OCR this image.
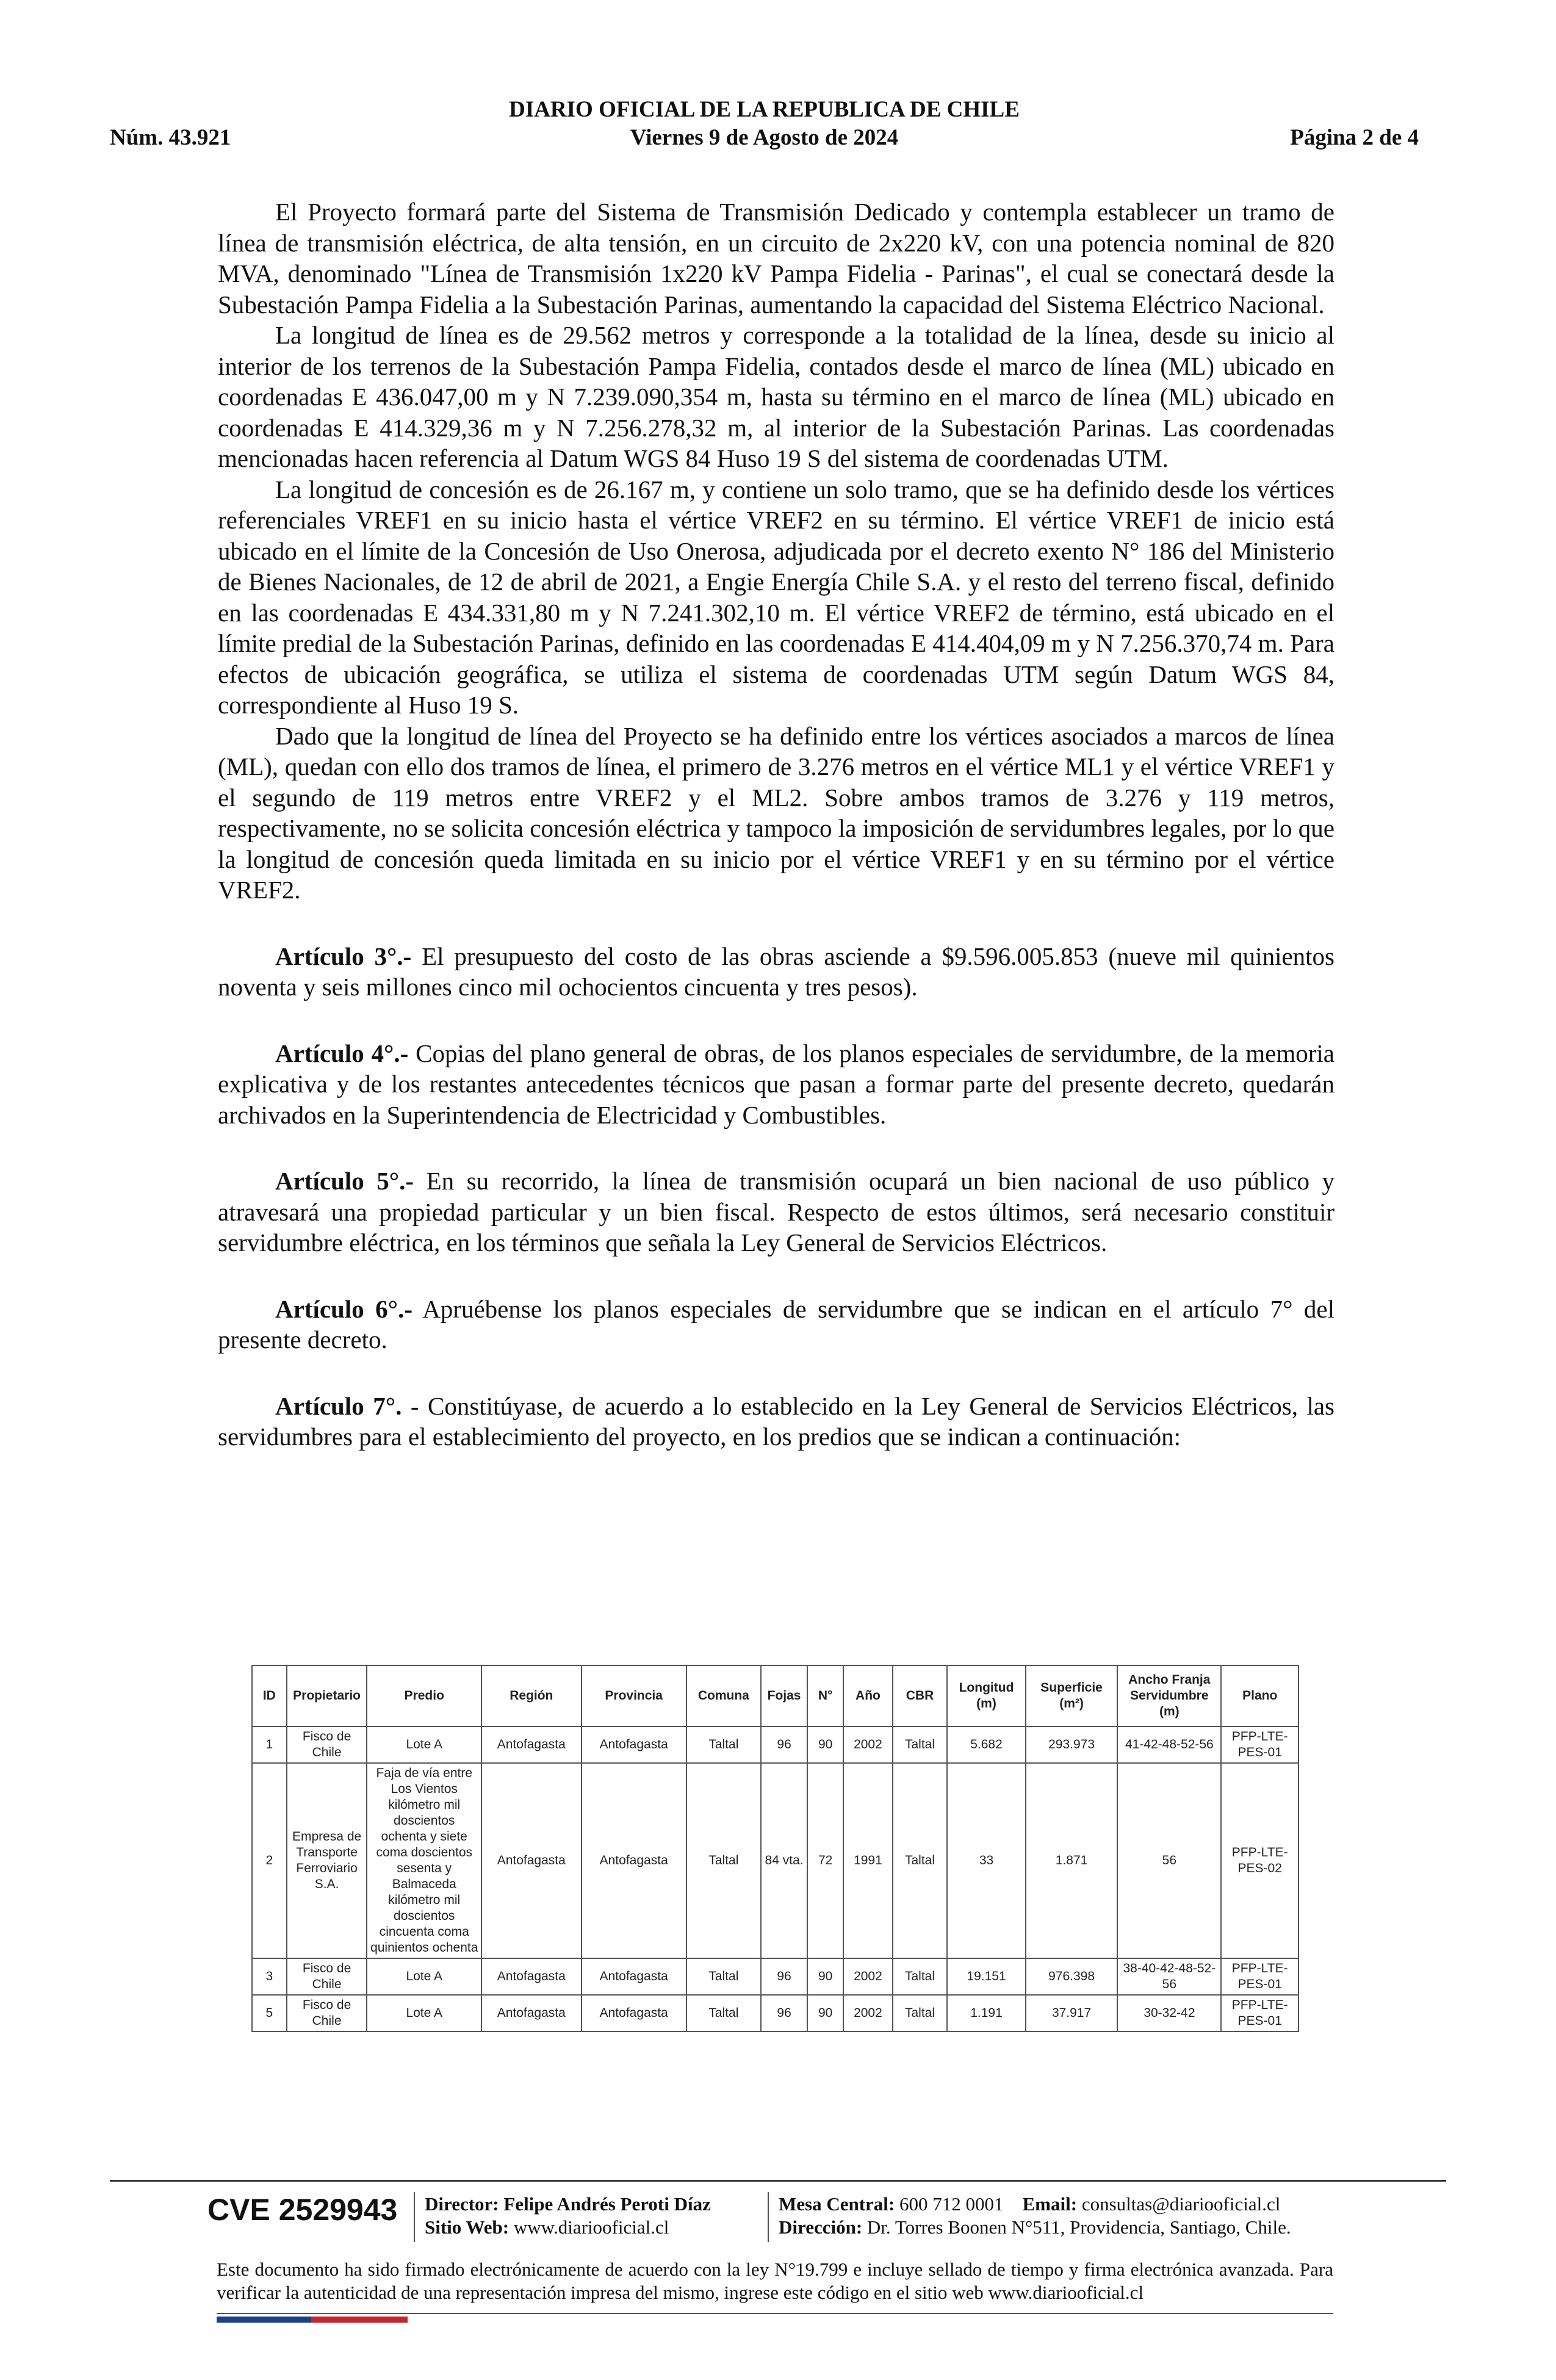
DIARIO OFICIAL DE LA REPUBLICA DE CHILE
Núm. 43.921	Viernes 9 de Agosto de 2024	Página 2 de 4

El Proyecto formará parte del Sistema de Transmisión Dedicado y contempla establecer un tramo de línea de transmisión eléctrica, de alta tensión, en un circuito de 2x220 kV, con una potencia nominal de 820 MVA, denominado "Línea de Transmisión 1x220 kV Pampa Fidelia - Parinas", el cual se conectará desde la Subestación Pampa Fidelia a la Subestación Parinas, aumentando la capacidad del Sistema Eléctrico Nacional.

La longitud de línea es de 29.562 metros y corresponde a la totalidad de la línea, desde su inicio al interior de los terrenos de la Subestación Pampa Fidelia, contados desde el marco de línea (ML) ubicado en coordenadas E 436.047,00 m y N 7.239.090,354 m, hasta su término en el marco de línea (ML) ubicado en coordenadas E 414.329,36 m y N 7.256.278,32 m, al interior de la Subestación Parinas. Las coordenadas mencionadas hacen referencia al Datum WGS 84 Huso 19 S del sistema de coordenadas UTM.

La longitud de concesión es de 26.167 m, y contiene un solo tramo, que se ha definido desde los vértices referenciales VREF1 en su inicio hasta el vértice VREF2 en su término. El vértice VREF1 de inicio está ubicado en el límite de la Concesión de Uso Onerosa, adjudicada por el decreto exento N° 186 del Ministerio de Bienes Nacionales, de 12 de abril de 2021, a Engie Energía Chile S.A. y el resto del terreno fiscal, definido en las coordenadas E 434.331,80 m y N 7.241.302,10 m. El vértice VREF2 de término, está ubicado en el límite predial de la Subestación Parinas, definido en las coordenadas E 414.404,09 m y N 7.256.370,74 m. Para efectos de ubicación geográfica, se utiliza el sistema de coordenadas UTM según Datum WGS 84, correspondiente al Huso 19 S.

Dado que la longitud de línea del Proyecto se ha definido entre los vértices asociados a marcos de línea (ML), quedan con ello dos tramos de línea, el primero de 3.276 metros en el vértice ML1 y el vértice VREF1 y el segundo de 119 metros entre VREF2 y el ML2. Sobre ambos tramos de 3.276 y 119 metros, respectivamente, no se solicita concesión eléctrica y tampoco la imposición de servidumbres legales, por lo que la longitud de concesión queda limitada en su inicio por el vértice VREF1 y en su término por el vértice VREF2.

Artículo 3°.- El presupuesto del costo de las obras asciende a $9.596.005.853 (nueve mil quinientos noventa y seis millones cinco mil ochocientos cincuenta y tres pesos).

Artículo 4°.- Copias del plano general de obras, de los planos especiales de servidumbre, de la memoria explicativa y de los restantes antecedentes técnicos que pasan a formar parte del presente decreto, quedarán archivados en la Superintendencia de Electricidad y Combustibles.

Artículo 5°.- En su recorrido, la línea de transmisión ocupará un bien nacional de uso público y atravesará una propiedad particular y un bien fiscal. Respecto de estos últimos, será necesario constituir servidumbre eléctrica, en los términos que señala la Ley General de Servicios Eléctricos.

Artículo 6°.- Apruébense los planos especiales de servidumbre que se indican en el artículo 7° del presente decreto.

Artículo 7°. - Constitúyase, de acuerdo a lo establecido en la Ley General de Servicios Eléctricos, las servidumbres para el establecimiento del proyecto, en los predios que se indican a continuación:

ID	Propietario	Predio	Región	Provincia	Comuna	Fojas	N°	Año	CBR	Longitud (m)	Superficie (m²)	Ancho Franja Servidumbre (m)	Plano
1	Fisco de Chile	Lote A	Antofagasta	Antofagasta	Taltal	96	90	2002	Taltal	5.682	293.973	41-42-48-52-56	PFP-LTE-PES-01
2	Empresa de Transporte Ferroviario S.A.	Faja de vía entre Los Vientos kilómetro mil doscientos ochenta y siete coma doscientos sesenta y Balmaceda kilómetro mil doscientos cincuenta coma quinientos ochenta	Antofagasta	Antofagasta	Taltal	84 vta.	72	1991	Taltal	33	1.871	56	PFP-LTE-PES-02
3	Fisco de Chile	Lote A	Antofagasta	Antofagasta	Taltal	96	90	2002	Taltal	19.151	976.398	38-40-42-48-52-56	PFP-LTE-PES-01
5	Fisco de Chile	Lote A	Antofagasta	Antofagasta	Taltal	96	90	2002	Taltal	1.191	37.917	30-32-42	PFP-LTE-PES-01
CVE 2529943 Director: Felipe Andrés Peroti Díaz
Sitio Web: www.diariooficial.cl
Mesa Central: 600 712 0001 Email: consultas@diariooficial.cl
Dirección: Dr. Torres Boonen N°511, Providencia, Santiago, Chile.
Este documento ha sido firmado electrónicamente de acuerdo con la ley N°19.799 e incluye sellado de tiempo y firma electrónica avanzada. Para verificar la autenticidad de una representación impresa del mismo, ingrese este código en el sitio web www.diariooficial.cl
